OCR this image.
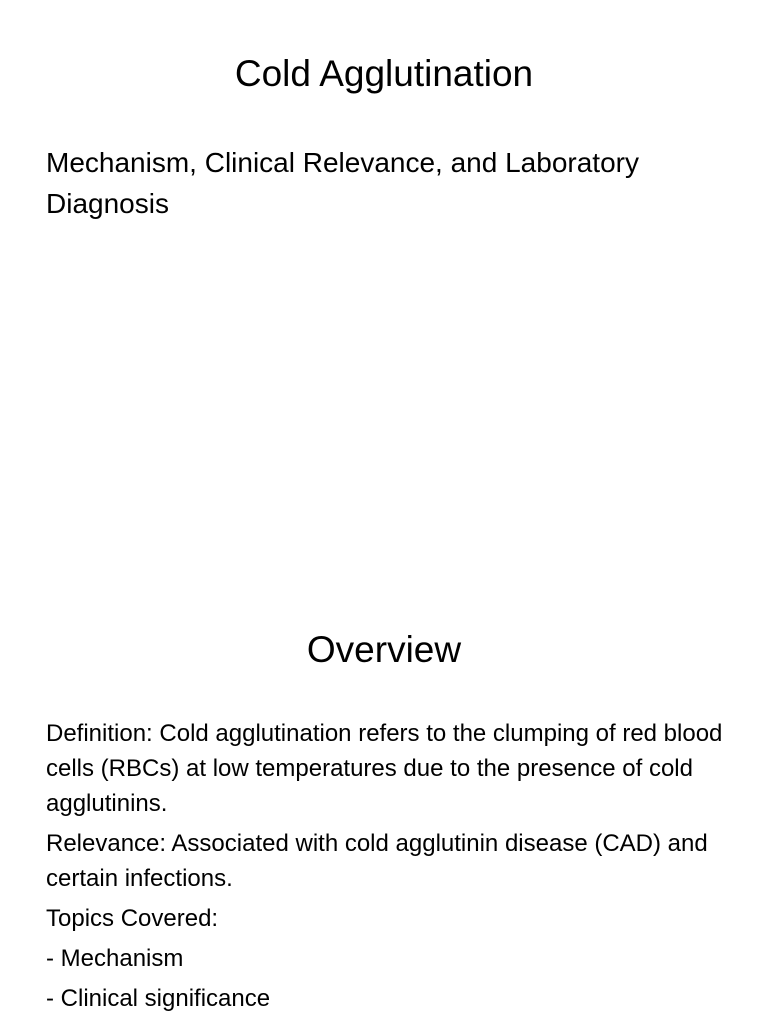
Cold Agglutination

Mechanism, Clinical Relevance, and Laboratory Diagnosis

Overview
Definition: Cold agglutination refers to the clumping of red blood cells (RBCs) at low temperatures due to the presence of cold agglutinins.
Relevance: Associated with cold agglutinin disease (CAD) and certain infections.
Topics Covered:
- Mechanism
- Clinical significance
